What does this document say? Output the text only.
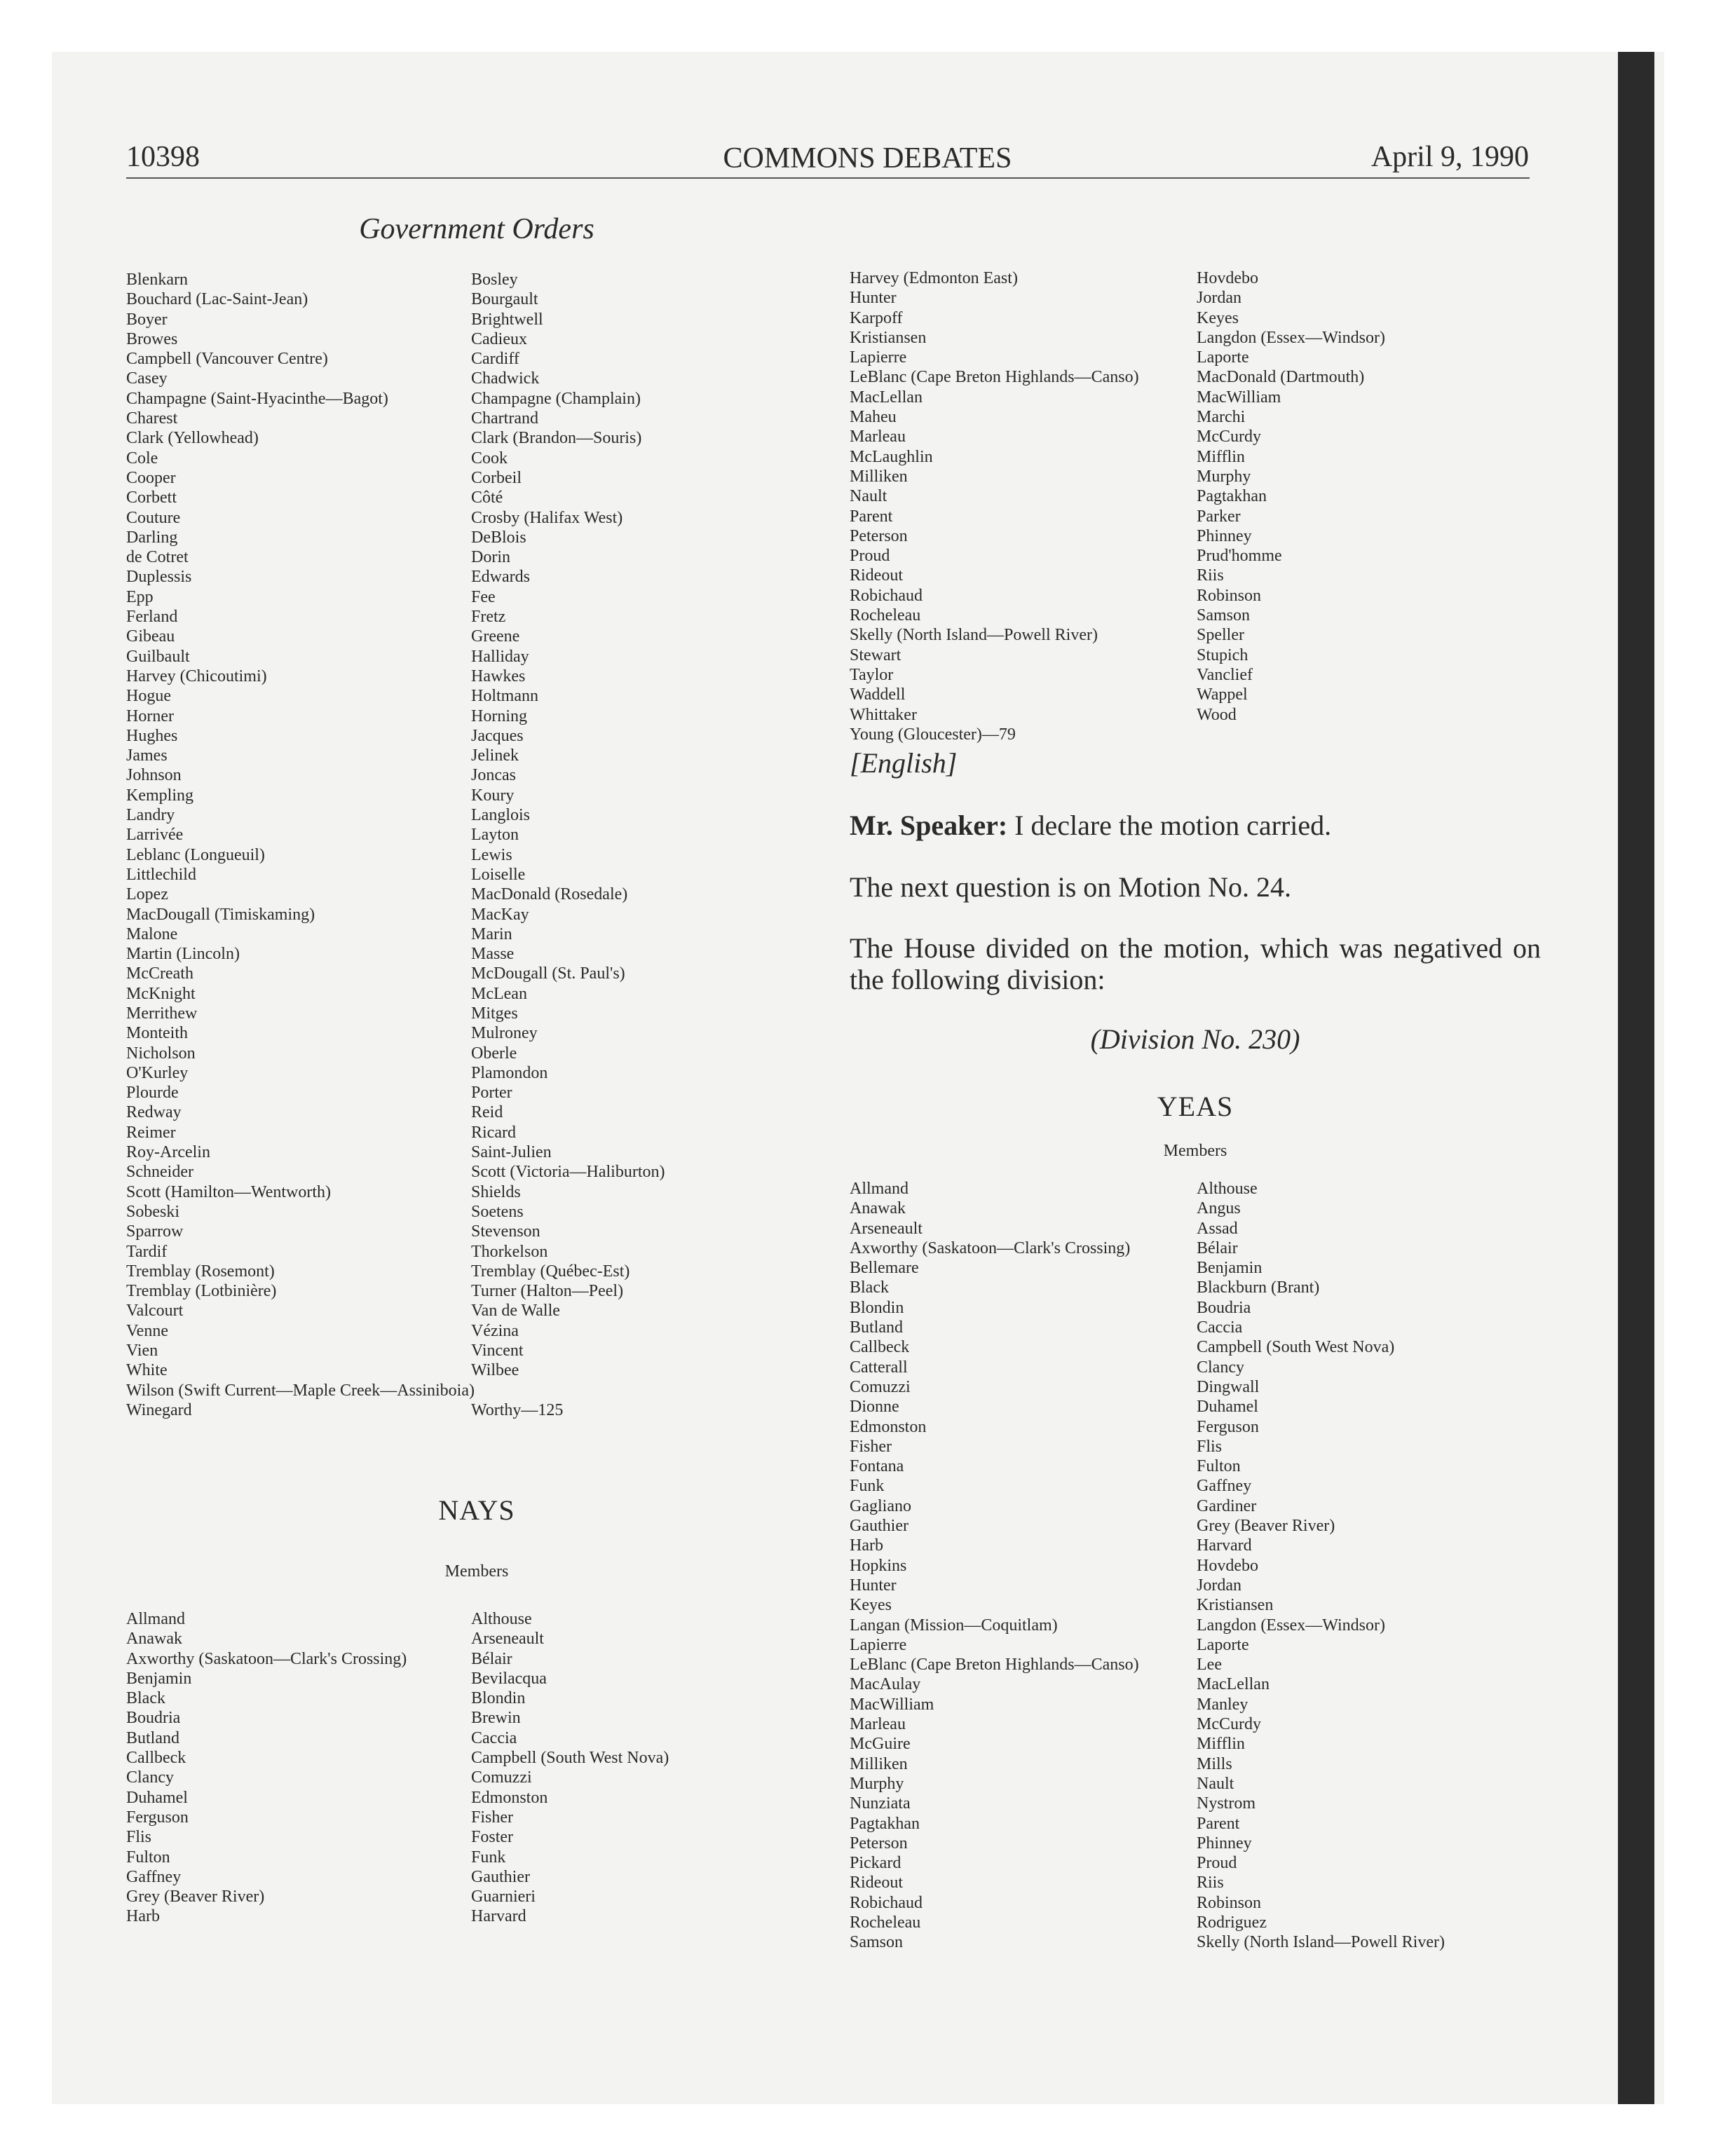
10398	COMMONS DEBATES	April 9, 1990
Government Orders
Blenkarn
Bouchard (Lac-Saint-Jean)
Boyer
Browes
Campbell (Vancouver Centre)
Casey
Champagne (Saint-Hyacinthe—Bagot)
Charest
Clark (Yellowhead)
Cole
Cooper
Corbett
Couture
Darling
de Cotret
Duplessis
Epp
Ferland
Gibeau
Guilbault
Harvey (Chicoutimi)
Hogue
Horner
Hughes
James
Johnson
Kempling
Landry
Larrivée
Leblanc (Longueuil)
Littlechild
Lopez
MacDougall (Timiskaming)
Malone
Martin (Lincoln)
McCreath
McKnight
Merrithew
Monteith
Nicholson
O'Kurley
Plourde
Redway
Reimer
Roy-Arcelin
Schneider
Scott (Hamilton—Wentworth)
Sobeski
Sparrow
Tardif
Tremblay (Rosemont)
Tremblay (Lotbinière)
Valcourt
Venne
Vien
White
Wilson (Swift Current—Maple Creek—Assiniboia)
Winegard
Bosley
Bourgault
Brightwell
Cadieux
Cardiff
Chadwick
Champagne (Champlain)
Chartrand
Clark (Brandon—Souris)
Cook
Corbeil
Côté
Crosby (Halifax West)
DeBlois
Dorin
Edwards
Fee
Fretz
Greene
Halliday
Hawkes
Holtmann
Horning
Jacques
Jelinek
Joncas
Koury
Langlois
Layton
Lewis
Loiselle
MacDonald (Rosedale)
MacKay
Marin
Masse
McDougall (St. Paul's)
McLean
Mitges
Mulroney
Oberle
Plamondon
Porter
Reid
Ricard
Saint-Julien
Scott (Victoria—Haliburton)
Shields
Soetens
Stevenson
Thorkelson
Tremblay (Québec-Est)
Turner (Halton—Peel)
Van de Walle
Vézina
Vincent
Wilbee

Worthy—125
Harvey (Edmonton East)
Hunter
Karpoff
Kristiansen
Lapierre
LeBlanc (Cape Breton Highlands—Canso)
MacLellan
Maheu
Marleau
McLaughlin
Milliken
Nault
Parent
Peterson
Proud
Rideout
Robichaud
Rocheleau
Skelly (North Island—Powell River)
Stewart
Taylor
Waddell
Whittaker
Young (Gloucester)—79
Hovdebo
Jordan
Keyes
Langdon (Essex—Windsor)
Laporte
MacDonald (Dartmouth)
MacWilliam
Marchi
McCurdy
Mifflin
Murphy
Pagtakhan
Parker
Phinney
Prud'homme
Riis
Robinson
Samson
Speller
Stupich
Vanclief
Wappel
Wood
NAYS
Members
Allmand
Anawak
Axworthy (Saskatoon—Clark's Crossing)
Benjamin
Black
Boudria
Butland
Callbeck
Clancy
Duhamel
Ferguson
Flis
Fulton
Gaffney
Grey (Beaver River)
Harb
Althouse
Arseneault
Bélair
Bevilacqua
Blondin
Brewin
Caccia
Campbell (South West Nova)
Comuzzi
Edmonston
Fisher
Foster
Funk
Gauthier
Guarnieri
Harvard
[English]

Mr. Speaker: I declare the motion carried.

The next question is on Motion No. 24.

The House divided on the motion, which was negatived on the following division:

(Division No. 230)
YEAS
Members
Allmand
Anawak
Arseneault
Axworthy (Saskatoon—Clark's Crossing)
Bellemare
Black
Blondin
Butland
Callbeck
Catterall
Comuzzi
Dionne
Edmonston
Fisher
Fontana
Funk
Gagliano
Gauthier
Harb
Hopkins
Hunter
Keyes
Langan (Mission—Coquitlam)
Lapierre
LeBlanc (Cape Breton Highlands—Canso)
MacAulay
MacWilliam
Marleau
McGuire
Milliken
Murphy
Nunziata
Pagtakhan
Peterson
Pickard
Rideout
Robichaud
Rocheleau
Samson
Althouse
Angus
Assad
Bélair
Benjamin
Blackburn (Brant)
Boudria
Caccia
Campbell (South West Nova)
Clancy
Dingwall
Duhamel
Ferguson
Flis
Fulton
Gaffney
Gardiner
Grey (Beaver River)
Harvard
Hovdebo
Jordan
Kristiansen
Langdon (Essex—Windsor)
Laporte
Lee
MacLellan
Manley
McCurdy
Mifflin
Mills
Nault
Nystrom
Parent
Phinney
Proud
Riis
Robinson
Rodriguez
Skelly (North Island—Powell River)
